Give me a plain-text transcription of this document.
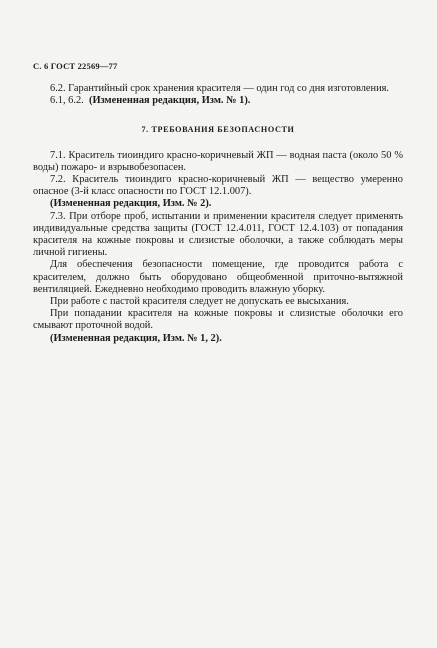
С. 6 ГОСТ 22569—77

6.2. Гарантийный срок хранения красителя — один год со дня изготовления.

6.1, 6.2. (Измененная редакция, Изм. № 1).

7. ТРЕБОВАНИЯ БЕЗОПАСНОСТИ

7.1. Краситель тиоиндиго красно-коричневый ЖП — водная паста (около 50 % воды) пожаро- и взрывобезопасен.

7.2. Краситель тиоиндиго красно-коричневый ЖП — вещество умеренно опасное (3-й класс опасности по ГОСТ 12.1.007).

(Измененная редакция, Изм. № 2).

7.3. При отборе проб, испытании и применении красителя следует применять индивидуальные средства защиты (ГОСТ 12.4.011, ГОСТ 12.4.103) от попадания красителя на кожные покровы и слизистые оболочки, а также соблюдать меры личной гигиены.

Для обеспечения безопасности помещение, где проводится работа с красителем, должно быть оборудовано общеобменной приточно-вытяжной вентиляцией. Ежедневно необходимо проводить влажную уборку.

При работе с пастой красителя следует не допускать ее высыхания.

При попадании красителя на кожные покровы и слизистые оболочки его смывают проточной водой.

(Измененная редакция, Изм. № 1, 2).
